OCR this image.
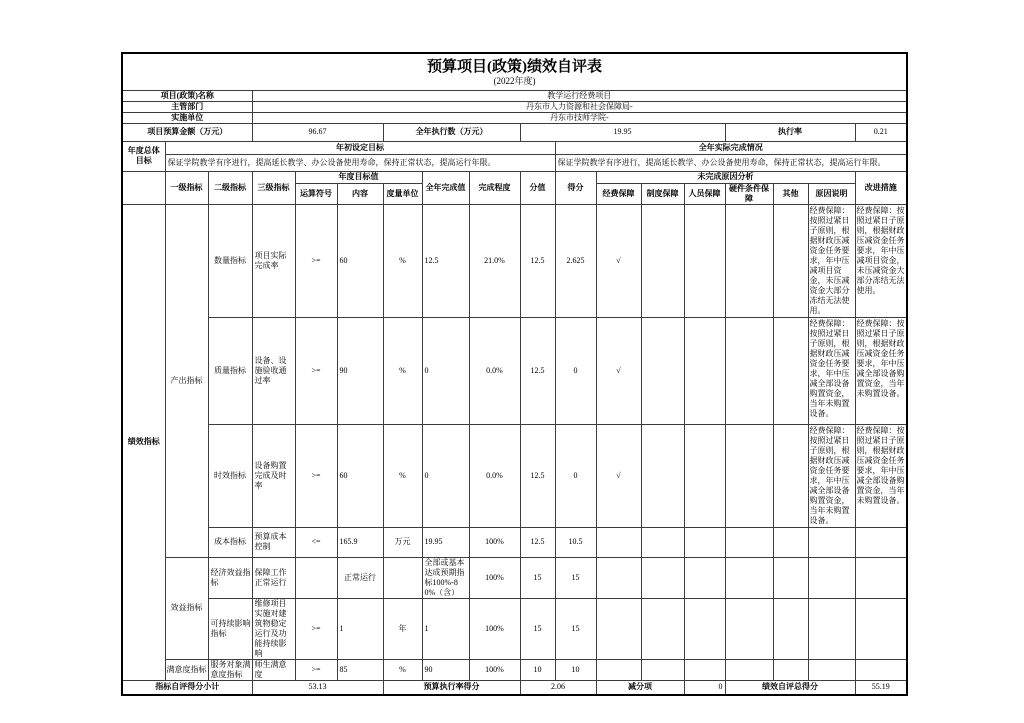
预算项目(政策)绩效自评表
(2022年度)																	

项目(政策)名称			教学运行经费项目														
主管部门			丹东市人力资源和社会保障局-														
实施单位			丹东市技师学院-														
项目预算金额（万元）			96.67			全年执行数（万元）			19.95					执行率			0.21
年度总体目标	年初设定目标									全年实际完成情况							
	保证学院教学有序进行，提高延长教学、办公设备使用寿命，保持正常状态，提高运行年限。									保证学院教学有序进行，提高延长教学、办公设备使用寿命，保持正常状态，提高运行年限。							
	一级指标	二级指标	三级指标	年度目标值			全年完成值	完成程度	分值	得分	未完成原因分析						改进措施
				运算符号	内容	度量单位					经费保障	制度保障	人员保障	硬件条件保障	其他	原因说明	
绩效指标	产出指标	数量指标	项目实际完成率	>=	60	%	12.5	21.0%	12.5	2.625	√					经费保障：按照过紧日子原则，根据财政压减资金任务要求，年中压减项目资金，未压减资金大部分冻结无法使用。	经费保障：按照过紧日子原则，根据财政压减资金任务要求，年中压减项目资金，未压减资金大部分冻结无法使用。
		质量指标	设备、设施验收通过率	>=	90	%	0	0.0%	12.5	0	√					经费保障：按照过紧日子原则，根据财政压减资金任务要求，年中压减全部设备购置资金，当年未购置设备。	经费保障：按照过紧日子原则，根据财政压减资金任务要求，年中压减全部设备购置资金，当年未购置设备。
		时效指标	设备购置完成及时率	>=	60	%	0	0.0%	12.5	0	√					经费保障：按照过紧日子原则，根据财政压减资金任务要求，年中压减全部设备购置资金，当年未购置设备。	经费保障：按照过紧日子原则，根据财政压减资金任务要求，年中压减全部设备购置资金，当年未购置设备。
		成本指标	预算成本控制	<=	165.9	万元	19.95	100%	12.5	10.5							
	效益指标	经济效益指标	保障工作正常运行		正常运行		全部或基本达成预期指标100%-80%（含）	100%	15	15							
		可持续影响指标	维修项目实施对建筑物稳定运行及功能持续影响	>=	1	年	1	100%	15	15							
	满意度指标	服务对象满意度指标	师生满意度	>=	85	%	90	100%	10	10							
指标自评得分小计			53.13			预算执行率得分			2.06		减分项		0	绩效自评总得分			55.19
